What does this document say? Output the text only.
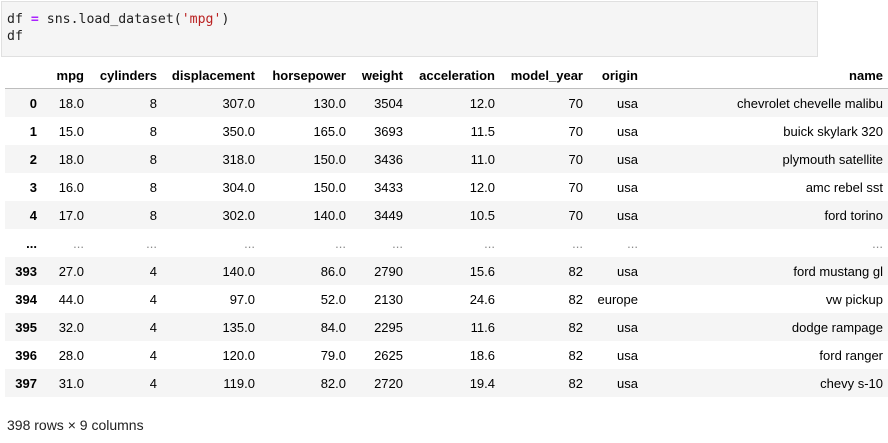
df = sns.load_dataset('mpg')
df
	mpg	cylinders	displacement	horsepower	weight	acceleration	model_year	origin	name
0	18.0	8	307.0	130.0	3504	12.0	70	usa	chevrolet chevelle malibu
1	15.0	8	350.0	165.0	3693	11.5	70	usa	buick skylark 320
2	18.0	8	318.0	150.0	3436	11.0	70	usa	plymouth satellite
3	16.0	8	304.0	150.0	3433	12.0	70	usa	amc rebel sst
4	17.0	8	302.0	140.0	3449	10.5	70	usa	ford torino
...	...	...	...	...	...	...	...	...	...
393	27.0	4	140.0	86.0	2790	15.6	82	usa	ford mustang gl
394	44.0	4	97.0	52.0	2130	24.6	82	europe	vw pickup
395	32.0	4	135.0	84.0	2295	11.6	82	usa	dodge rampage
396	28.0	4	120.0	79.0	2625	18.6	82	usa	ford ranger
397	31.0	4	119.0	82.0	2720	19.4	82	usa	chevy s-10
398 rows × 9 columns
